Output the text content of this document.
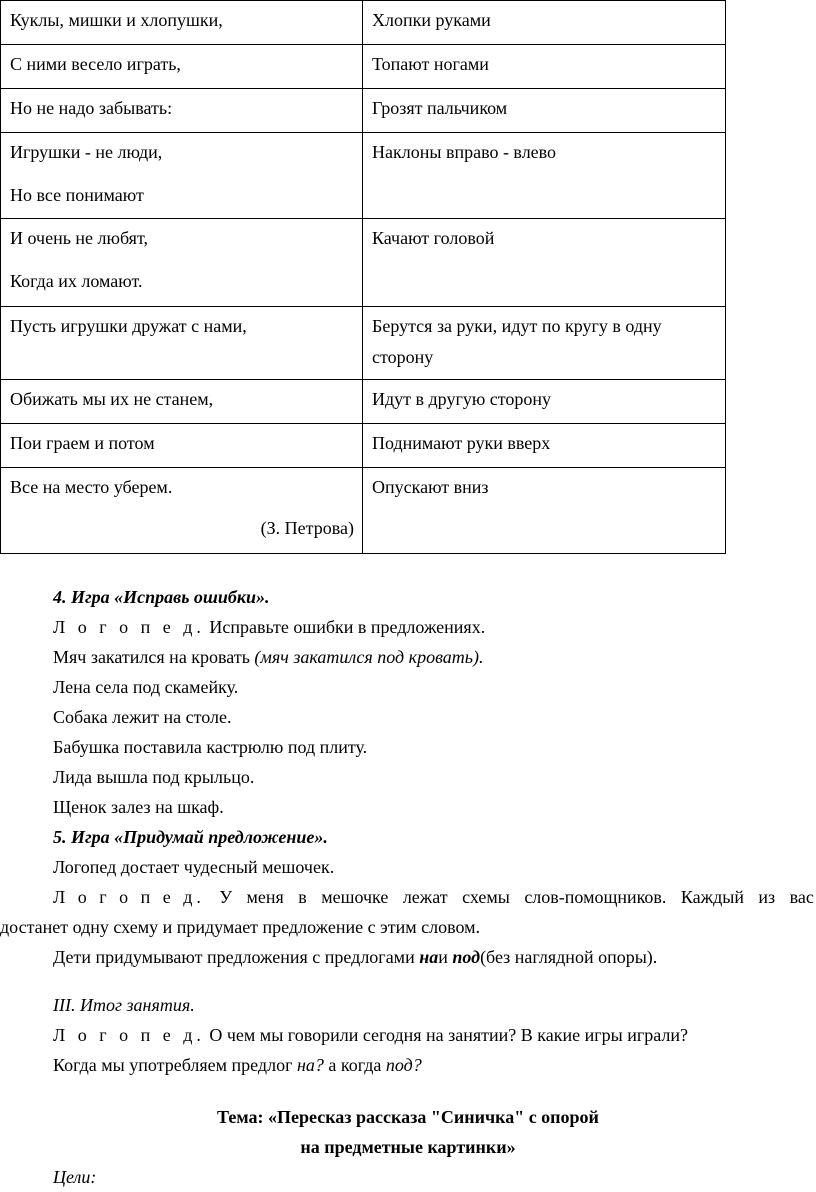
Куклы, мишки и хлопушки,	Хлопки руками

С ними весело играть,	Топают ногами

Но не надо забывать:	Грозят пальчиком

Игрушки - не люди,
Но все понимают	Наклоны вправо - влево

И очень не любят,
Когда их ломают.	Качают головой

Пусть игрушки дружат с нами,	Берутся за руки, идут по кругу в одну сторону

Обижать мы их не станем,	Идут в другую сторону

Пои граем и потом	Поднимают руки вверх

Все на место уберем.
(З. Петрова)	Опускают вниз
4. Игра «Исправь ошибки».
Л о г о п е д. Исправьте ошибки в предложениях.
Мяч закатился на кровать (мяч закатился под кровать).
Лена села под скамейку.
Собака лежит на столе.
Бабушка поставила кастрюлю под плиту.
Лида вышла под крыльцо.
Щенок залез на шкаф.
5. Игра «Придумай предложение».
Логопед достает чудесный мешочек.
Л о г о п е д. У меня в мешочке лежат схемы слов-помощников. Каждый из вас
достанет одну схему и придумает предложение с этим словом.
Дети придумывают предложения с предлогами наи под(без наглядной опоры).
III. Итог занятия.
Л о г о п е д. О чем мы говорили сегодня на занятии? В какие игры играли?
Когда мы употребляем предлог на? а когда под?
Тема: «Пересказ рассказа "Синичка" с опорой
на предметные картинки»
Цели:
